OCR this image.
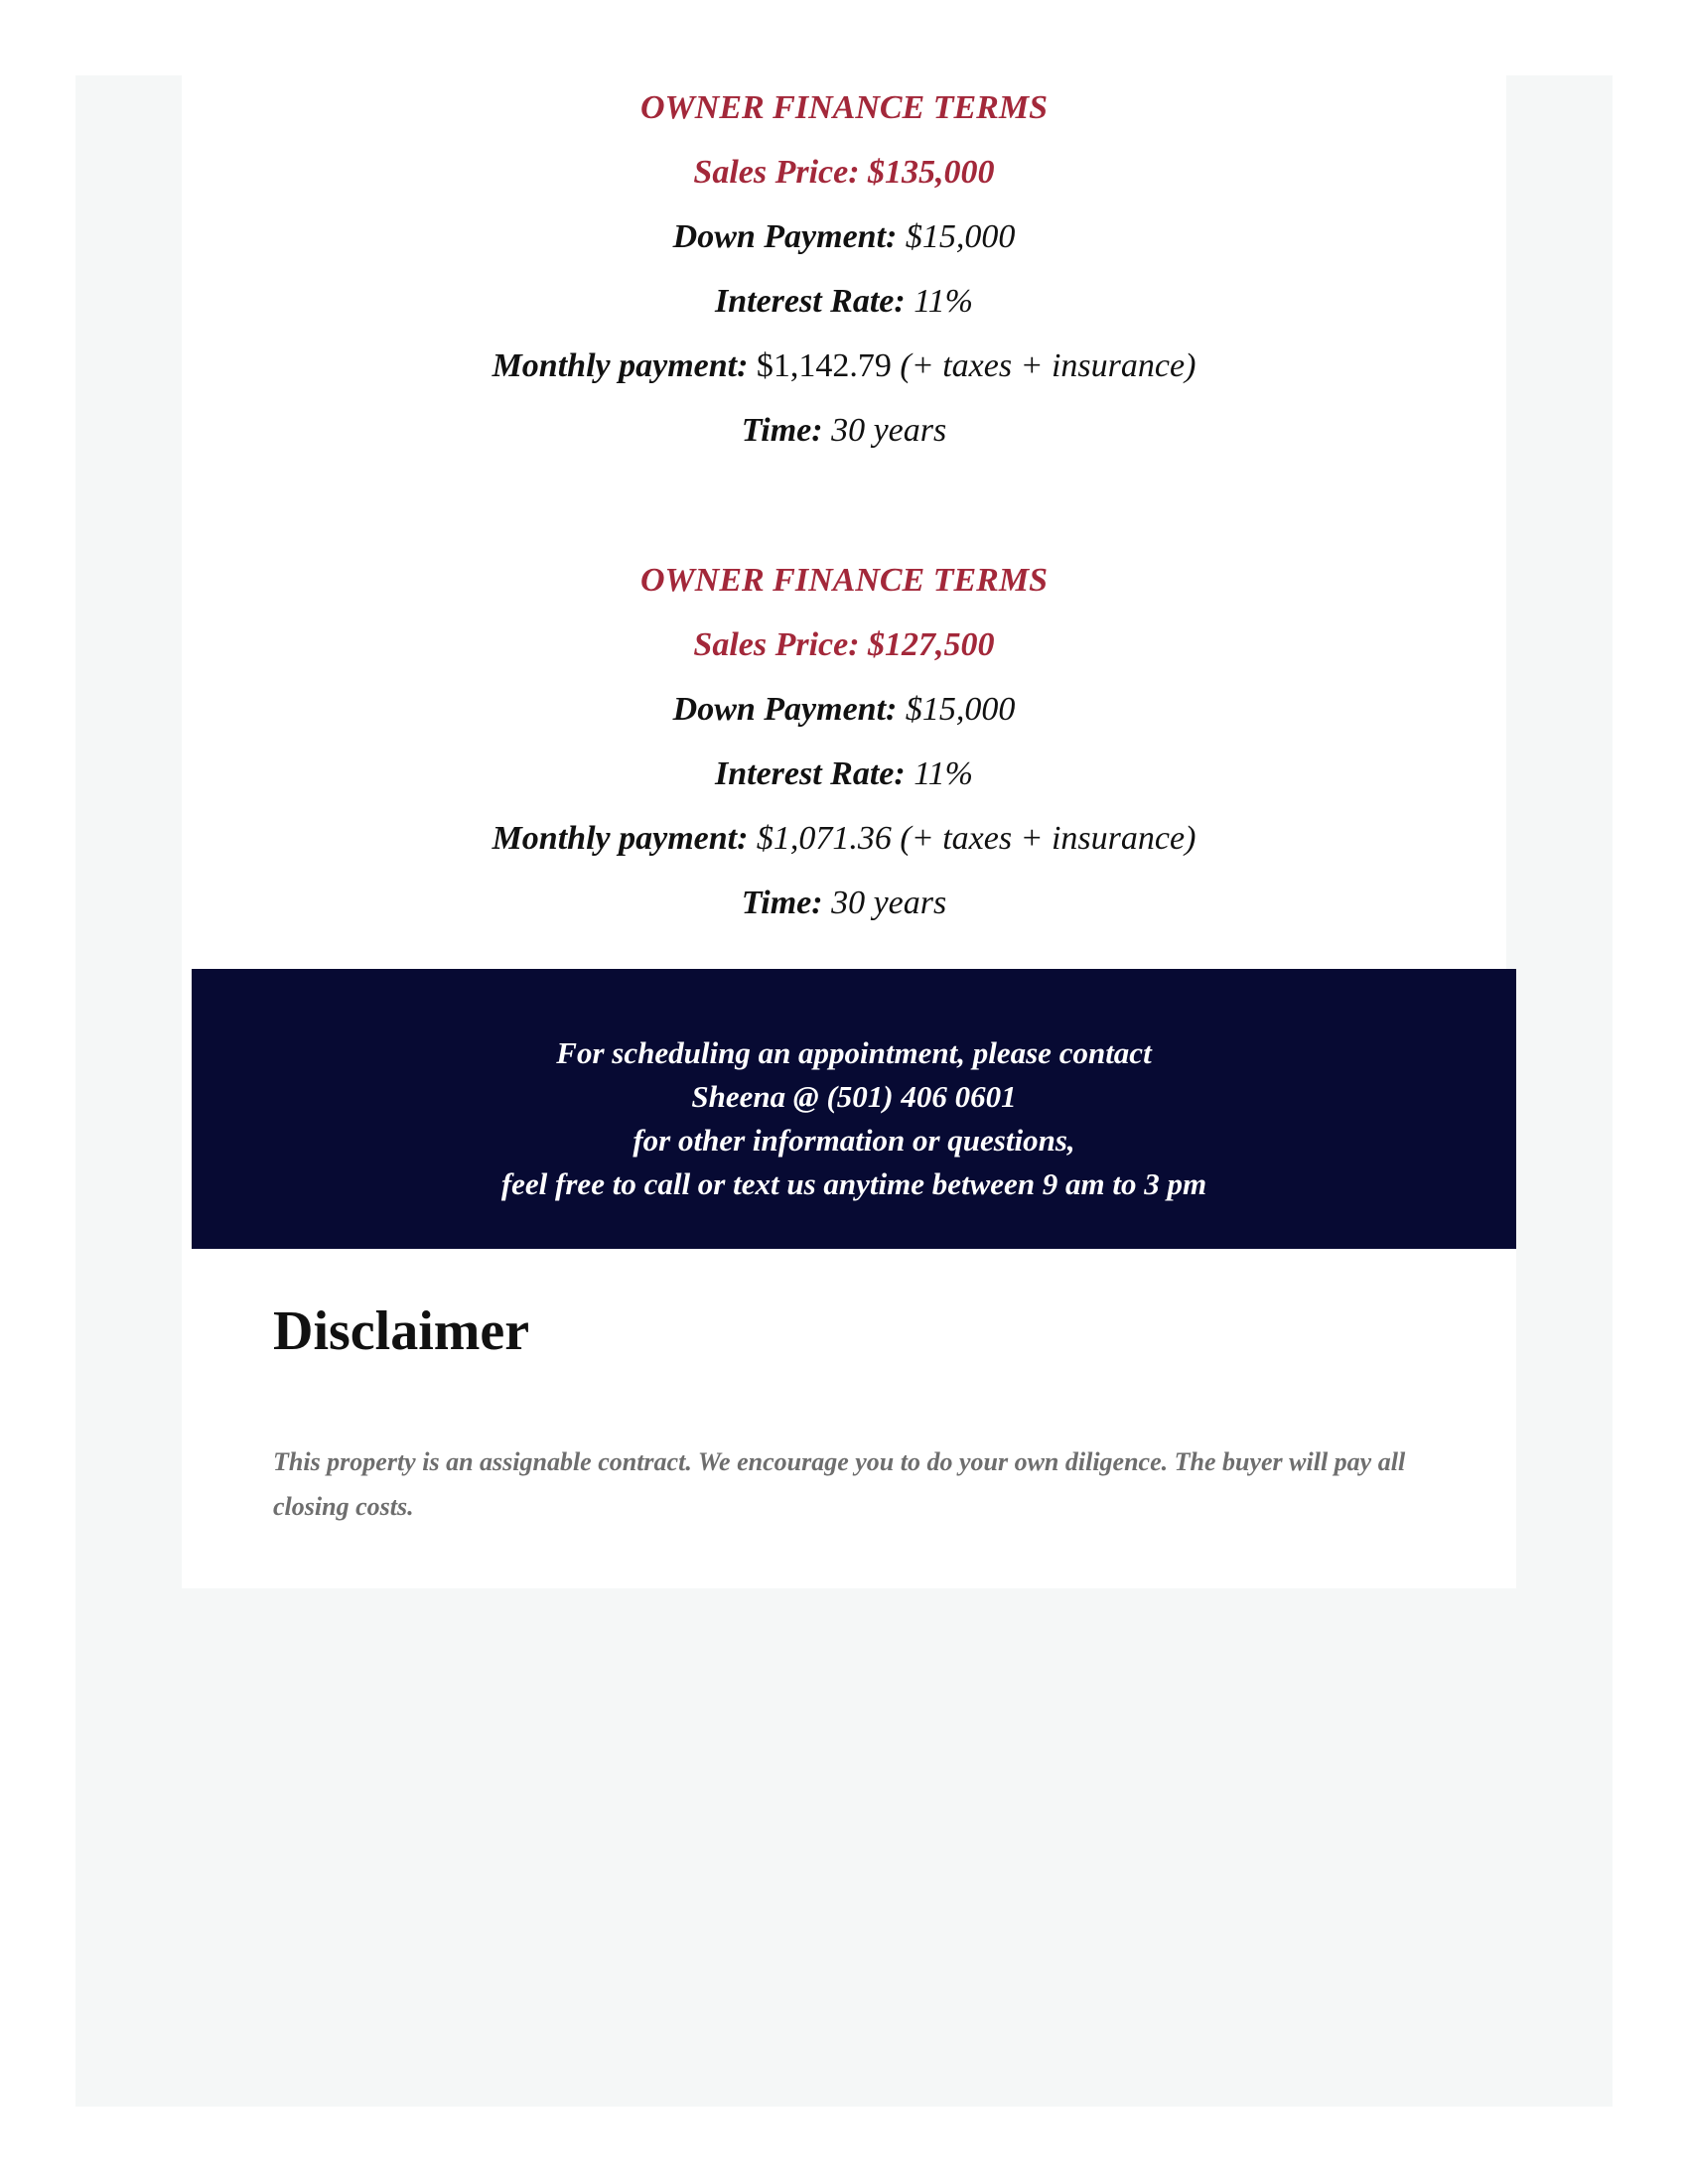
OWNER FINANCE TERMS
Sales Price: $135,000
Down Payment: $15,000
Interest Rate: 11%
Monthly payment: $1,142.79 (+ taxes + insurance)
Time: 30 years
OWNER FINANCE TERMS
Sales Price: $127,500
Down Payment: $15,000
Interest Rate: 11%
Monthly payment: $1,071.36 (+ taxes + insurance)
Time: 30 years
For scheduling an appointment, please contact
Sheena @ (501) 406 0601
for other information or questions,
feel free to call or text us anytime between 9 am to 3 pm
Disclaimer

This property is an assignable contract. We encourage you to do your own diligence. The buyer will pay all closing costs.
